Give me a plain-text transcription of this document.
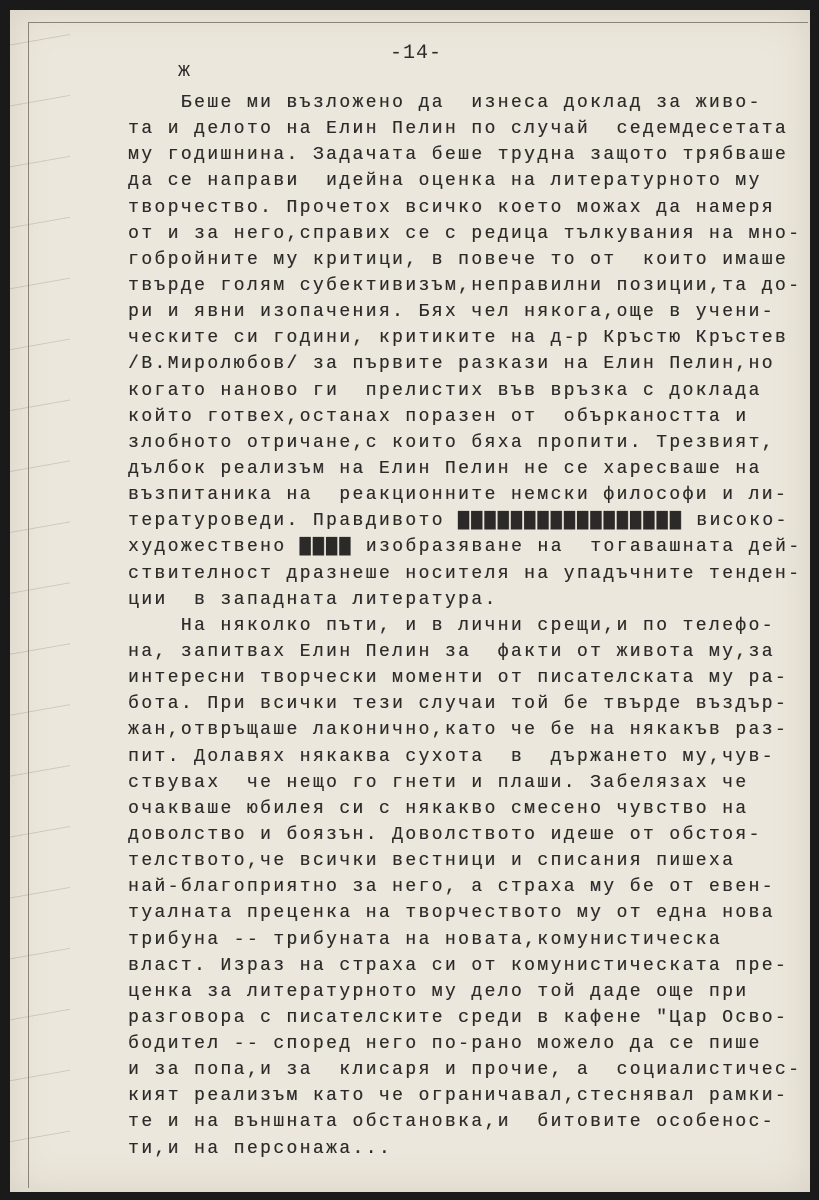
-14-
ж
Беше ми възложено да  изнеса доклад за живо-
та и делото на Елин Пелин по случай  седемдесетата
му годишнина. Задачата беше трудна защото трябваше
да се направи  идейна оценка на литературното му
творчество. Прочетох всичко което можах да намеря
от и за него,справих се с редица тълкувания на мно-
гобройните му критици, в повече то от  които имаше
твърде голям субективизъм,неправилни позиции,та до-
ри и явни изопачения. Бях чел някога,още в учени-
ческите си години, критиките на д-р Кръстю Кръстев
/В.Миролюбов/ за първите разкази на Елин Пелин,но
когато наново ги  прелистих във връзка с доклада
който готвех,останах поразен от  объркаността и
злобното отричане,с които бяха пропити. Трезвият,
дълбок реализъм на Елин Пелин не се харесваше на
възпитаника на  реакционните немски философи и ли-
тературоведи. Правдивото ▇▇▇▇▇▇▇▇▇▇▇▇▇▇▇▇▇ високо-
художествено ▇▇▇▇ изобразяване на  тогавашната дей-
ствителност дразнеше носителя на упадъчните тенден-
ции  в западната литература.
На няколко пъти, и в лични срещи,и по телефо-
на, запитвах Елин Пелин за  факти от живота му,за
интересни творчески моменти от писателската му ра-
бота. При всички тези случаи той бе твърде въздър-
жан,отвръщаше лаконично,като че бе на някакъв раз-
пит. Долавях някаква сухота  в  държането му,чув-
ствувах  че нещо го гнети и плаши. Забелязах че
очакваше юбилея си с някакво смесено чувство на
доволство и боязън. Доволството идеше от обстоя-
телството,че всички вестници и списания пишеха
най-благоприятно за него, а страха му бе от евен-
туалната преценка на творчеството му от една нова
трибуна -- трибуната на новата,комунистическа
власт. Израз на страха си от комунистическата пре-
ценка за литературното му дело той даде още при
разговора с писателските среди в кафене "Цар Осво-
бодител -- според него по-рано можело да се пише
и за попа,и за  клисаря и прочие, а  социалистичес-
кият реализъм като че ограничавал,стеснявал рамки-
те и на външната обстановка,и  битовите особенос-
ти,и на персонажа...
